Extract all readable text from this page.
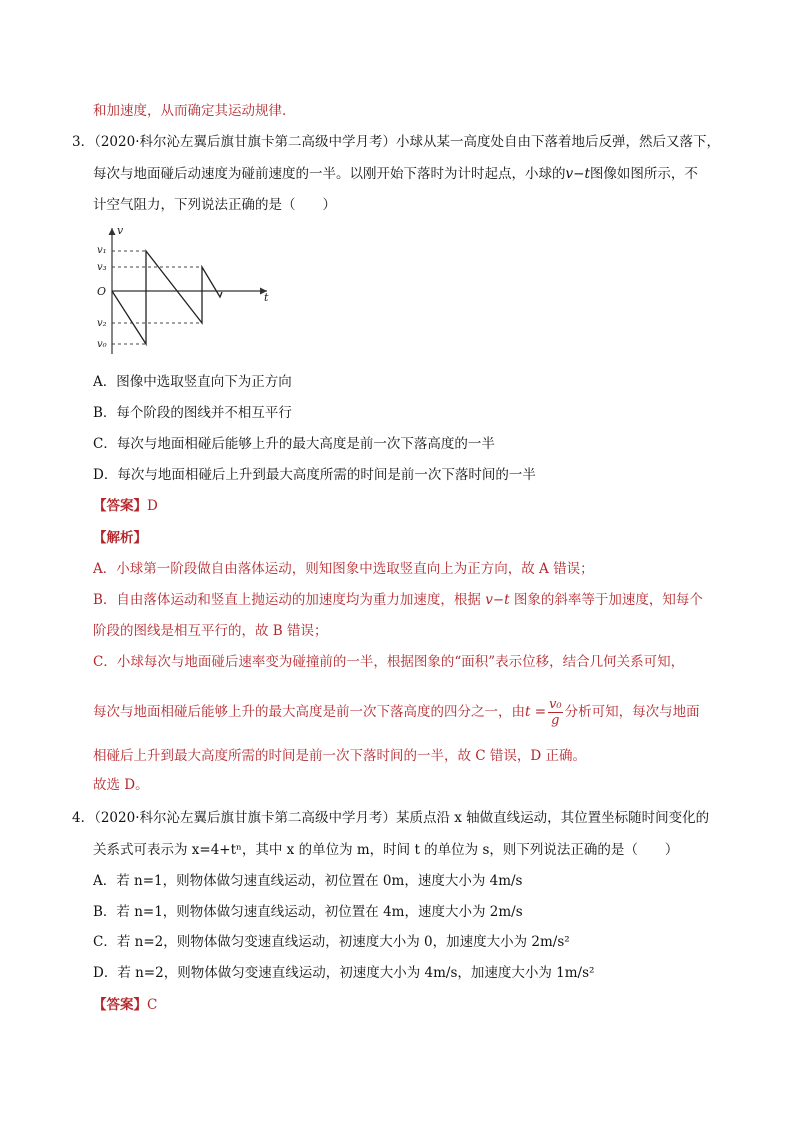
和加速度，从而确定其运动规律．
3．（2020·科尔沁左翼后旗甘旗卡第二高级中学月考）小球从某一高度处自由下落着地后反弹，然后又落下，
每次与地面碰后动速度为碰前速度的一半。以刚开始下落时为计时起点，小球的v−t图像如图所示，不
计空气阻力，下列说法正确的是（　　）
v
t
O
v₁
v₃
v₂
v₀
A．图像中选取竖直向下为正方向
B．每个阶段的图线并不相互平行
C．每次与地面相碰后能够上升的最大高度是前一次下落高度的一半
D．每次与地面相碰后上升到最大高度所需的时间是前一次下落时间的一半
【答案】D
【解析】
A．小球第一阶段做自由落体运动，则知图象中选取竖直向上为正方向，故 A 错误；
B．自由落体运动和竖直上抛运动的加速度均为重力加速度，根据 v−t 图象的斜率等于加速度，知每个
阶段的图线是相互平行的，故 B 错误；
C．小球每次与地面碰后速率变为碰撞前的一半，根据图象的“面积”表示位移，结合几何关系可知，
每次与地面相碰后能够上升的最大高度是前一次下落高度的四分之一，由$t = \frac{\text{v₀}}{g}$ 分析可知，每次与地面
相碰后上升到最大高度所需的时间是前一次下落时间的一半，故 C 错误，D 正确。
故选 D。
4．（2020·科尔沁左翼后旗甘旗卡第二高级中学月考）某质点沿 x 轴做直线运动，其位置坐标随时间变化的
关系式可表示为 x=4+tⁿ，其中 x 的单位为 m，时间 t 的单位为 s，则下列说法正确的是（　　）
A．若 n=1，则物体做匀速直线运动，初位置在 0m，速度大小为 4m/s
B．若 n=1，则物体做匀速直线运动，初位置在 4m，速度大小为 2m/s
C．若 n=2，则物体做匀变速直线运动，初速度大小为 0，加速度大小为 2m/s²
D．若 n=2，则物体做匀变速直线运动，初速度大小为 4m/s，加速度大小为 1m/s²
【答案】C
